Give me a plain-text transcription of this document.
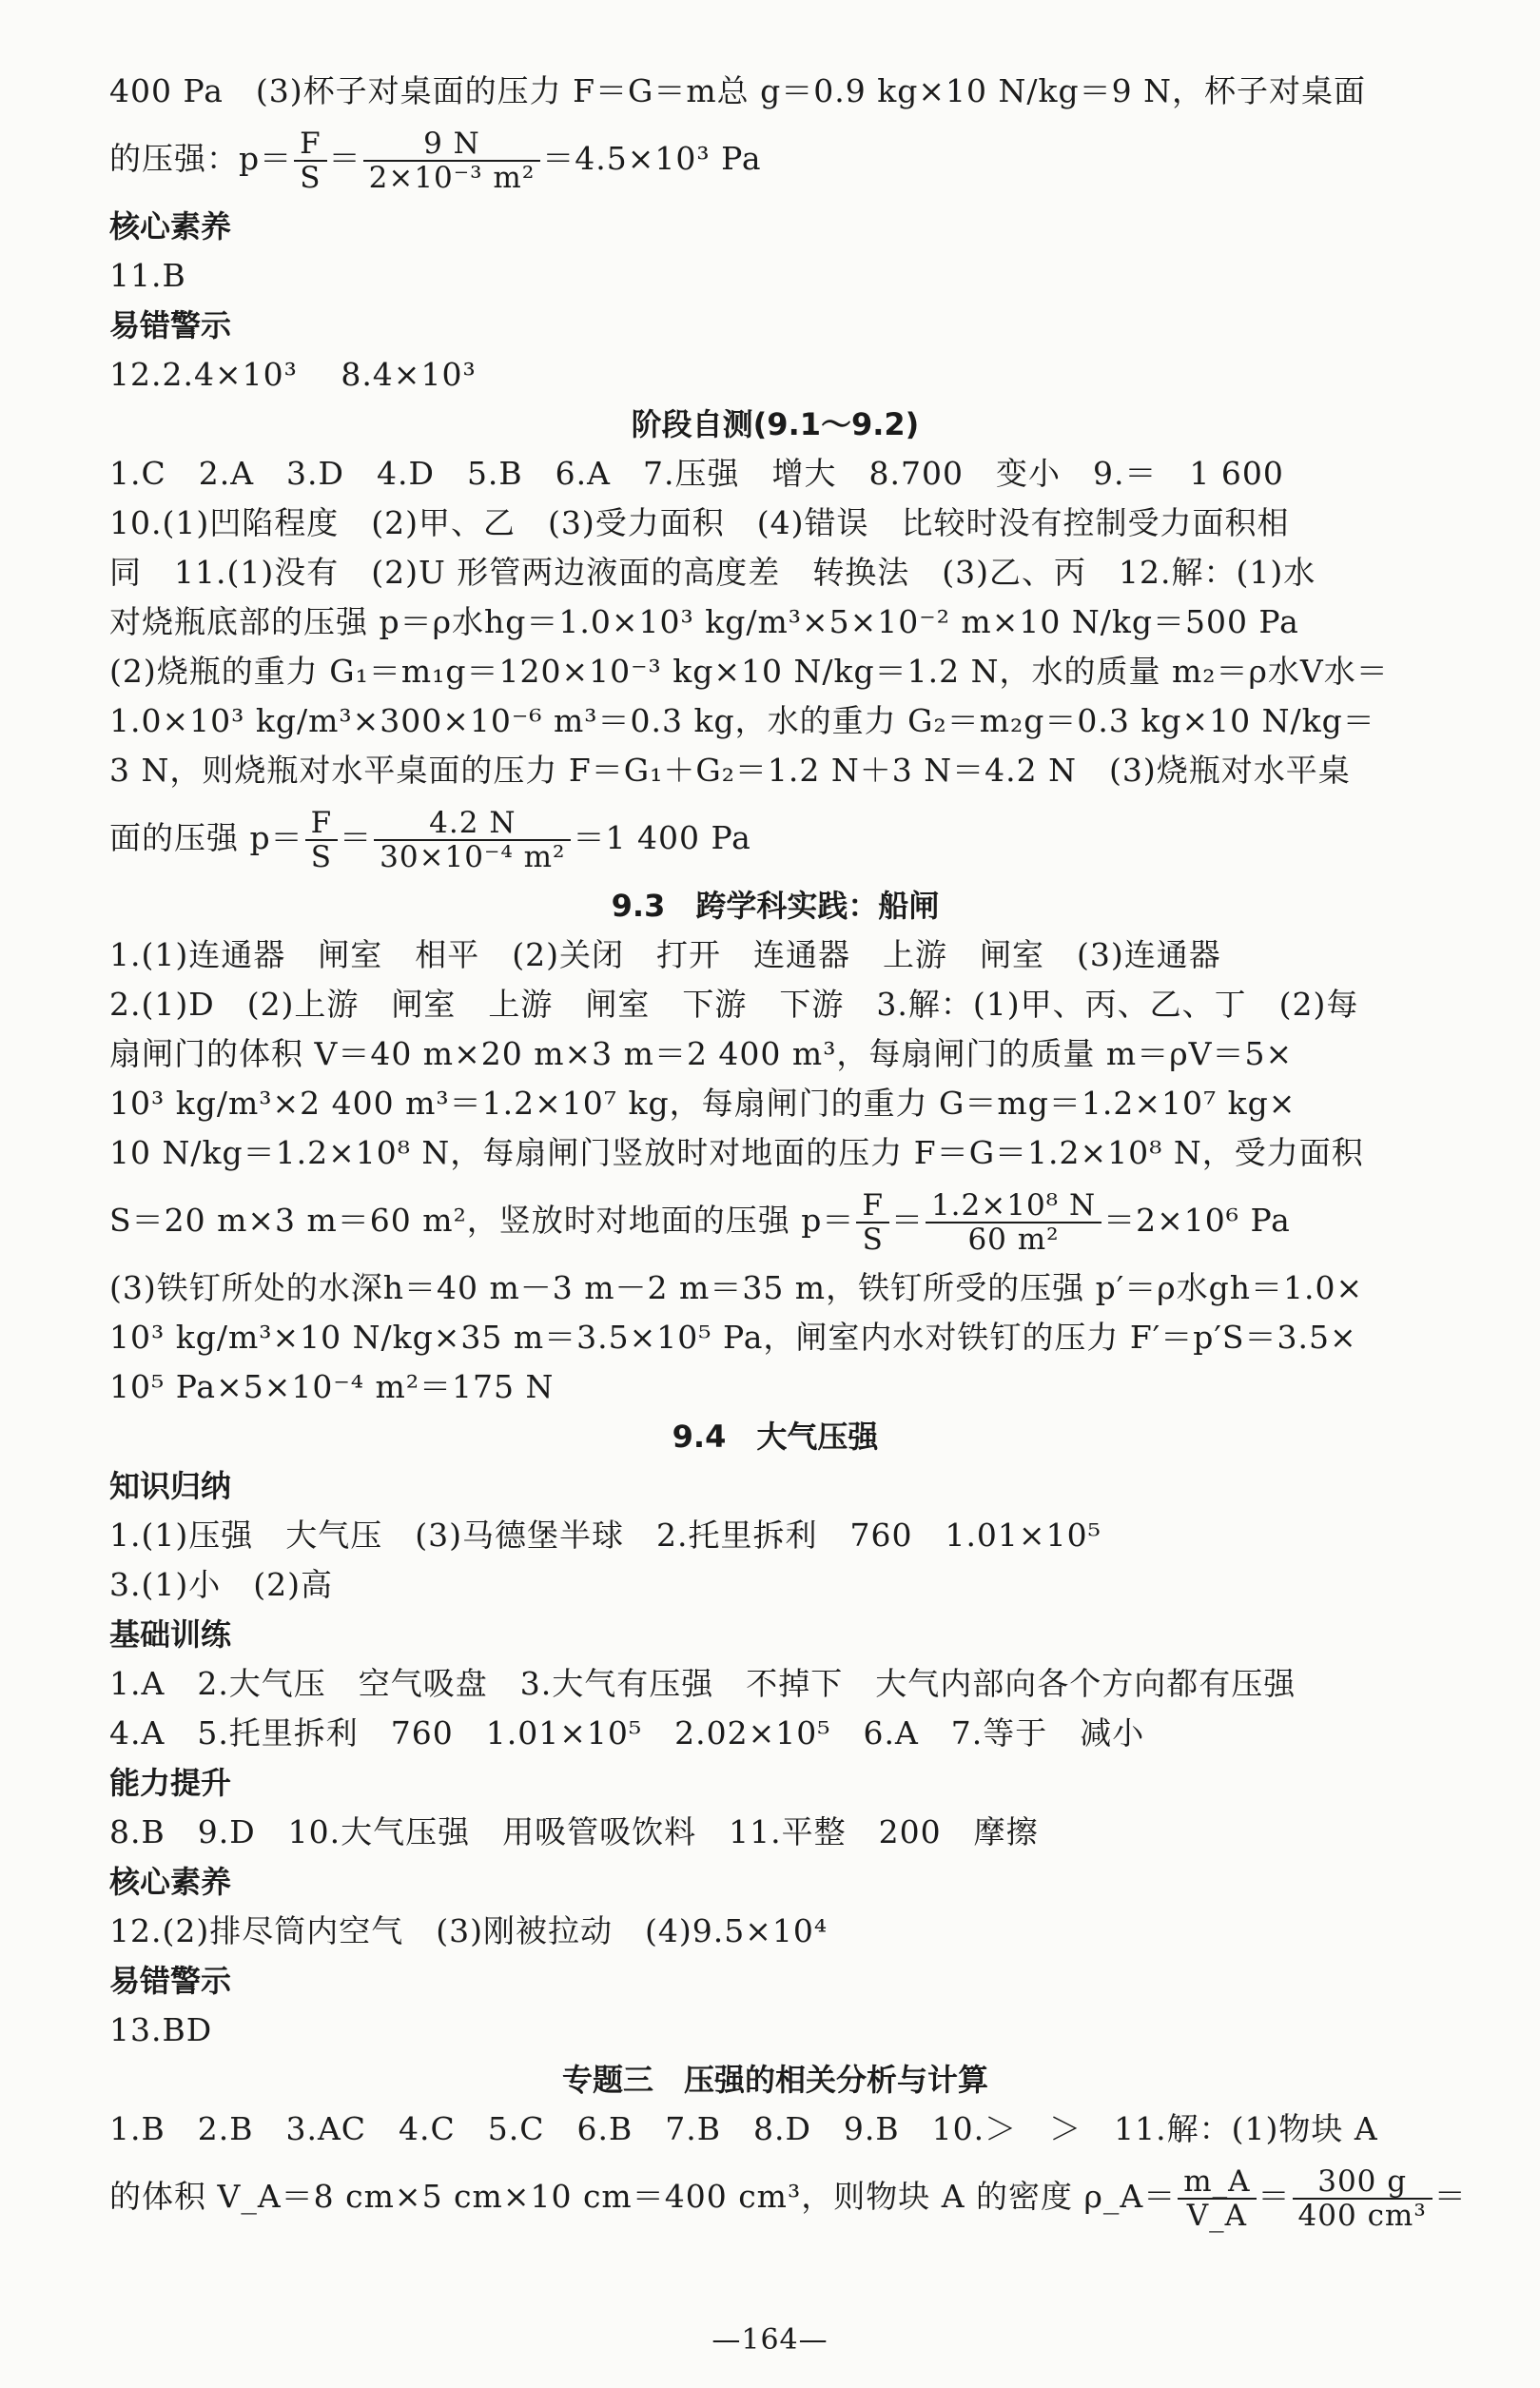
400 Pa　(3)杯子对桌面的压力 F＝G＝m总 g＝0.9 kg×10 N/kg＝9 N，杯子对桌面

的压强：$p= \frac{F}{S} = \frac{9 N}{\text{2×10⁻³ m²}} =4.5\times 10^3$ Pa

核心素养

11.B

易错警示

12.2.4×10³　 8.4×10³

阶段自测(9.1～9.2)

1.C　2.A　3.D　4.D　5.B　6.A　7.压强　增大　8.700　变小　9.＝　1 600

10.(1)凹陷程度　(2)甲、乙　(3)受力面积　(4)错误　比较时没有控制受力面积相

同　11.(1)没有　(2)U 形管两边液面的高度差　转换法　(3)乙、丙　12.解：(1)水

对烧瓶底部的压强 p＝ρ水hg＝1.0×10³ kg/m³×5×10⁻² m×10 N/kg＝500 Pa

(2)烧瓶的重力 G₁＝m₁g＝120×10⁻³ kg×10 N/kg＝1.2 N，水的质量 m₂＝ρ水V水＝

1.0×10³ kg/m³×300×10⁻⁶ m³＝0.3 kg，水的重力 G₂＝m₂g＝0.3 kg×10 N/kg＝

3 N，则烧瓶对水平桌面的压力 F＝G₁＋G₂＝1.2 N＋3 N＝4.2 N　(3)烧瓶对水平桌

面的压强 $p= \frac{F}{S} = \frac{4.2 N}{\text{30×10⁻⁴ m²}} =1$ 400 Pa

9.3　跨学科实践：船闸

1.(1)连通器　闸室　相平　(2)关闭　打开　连通器　上游　闸室　(3)连通器

2.(1)D　(2)上游　闸室　上游　闸室　下游　下游　3.解：(1)甲、丙、乙、丁　(2)每

扇闸门的体积 V＝40 m×20 m×3 m＝2 400 m³，每扇闸门的质量 m＝ρV＝5×

10³ kg/m³×2 400 m³＝1.2×10⁷ kg，每扇闸门的重力 G＝mg＝1.2×10⁷ kg×

10 N/kg＝1.2×10⁸ N，每扇闸门竖放时对地面的压力 F＝G＝1.2×10⁸ N，受力面积

S＝20 m×3 m＝60 m²，竖放时对地面的压强 $p= \frac{F}{S} = \frac{\text{1.2×10⁸ N}}{\text{60 m²}} =2\times 10^6$ Pa

(3)铁钉所处的水深h＝40 m－3 m－2 m＝35 m，铁钉所受的压强 p′＝ρ水gh＝1.0×

10³ kg/m³×10 N/kg×35 m＝3.5×10⁵ Pa，闸室内水对铁钉的压力 F′＝p′S＝3.5×

10⁵ Pa×5×10⁻⁴ m²＝175 N

9.4　大气压强

知识归纳

1.(1)压强　大气压　(3)马德堡半球　2.托里拆利　760　1.01×10⁵

3.(1)小　(2)高

基础训练

1.A　2.大气压　空气吸盘　3.大气有压强　不掉下　大气内部向各个方向都有压强

4.A　5.托里拆利　760　1.01×10⁵　2.02×10⁵　6.A　7.等于　减小

能力提升

8.B　9.D　10.大气压强　用吸管吸饮料　11.平整　200　摩擦

核心素养

12.(2)排尽筒内空气　(3)刚被拉动　(4)9.5×10⁴

易错警示

13.BD

专题三　压强的相关分析与计算

1.B　2.B　3.AC　4.C　5.C　6.B　7.B　8.D　9.B　10.＞　＞　11.解：(1)物块 A

的体积 V_A＝8 cm×5 cm×10 cm＝400 cm³，则物块 A 的密度 ρ_A＝ $\frac{m\_A}{V\_A} = \frac{300 g}{\text{400 cm³}}$ ＝

—164—
